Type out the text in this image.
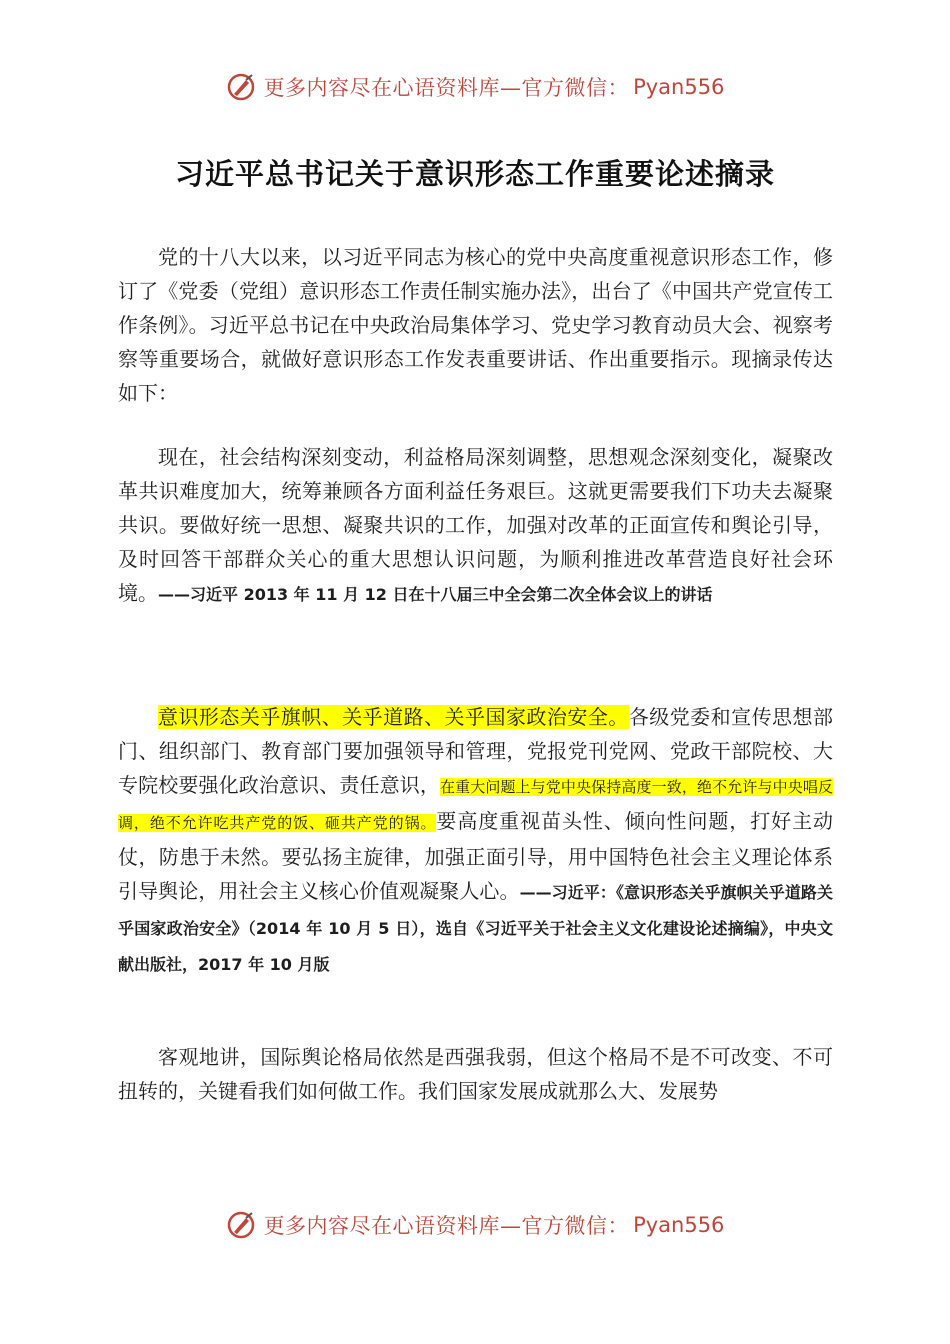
更多内容尽在心语资料库—官方微信： Pyan556
习近平总书记关于意识形态工作重要论述摘录

党的十八大以来，以习近平同志为核心的党中央高度重视意识形态工作，修订了《党委（党组）意识形态工作责任制实施办法》，出台了《中国共产党宣传工作条例》。习近平总书记在中央政治局集体学习、党史学习教育动员大会、视察考察等重要场合，就做好意识形态工作发表重要讲话、作出重要指示。现摘录传达如下：

现在，社会结构深刻变动，利益格局深刻调整，思想观念深刻变化，凝聚改革共识难度加大，统筹兼顾各方面利益任务艰巨。这就更需要我们下功夫去凝聚共识。要做好统一思想、凝聚共识的工作，加强对改革的正面宣传和舆论引导，及时回答干部群众关心的重大思想认识问题，为顺利推进改革营造良好社会环境。——习近平 2013 年 11 月 12 日在十八届三中全会第二次全体会议上的讲话

意识形态关乎旗帜、关乎道路、关乎国家政治安全。各级党委和宣传思想部门、组织部门、教育部门要加强领导和管理，党报党刊党网、党政干部院校、大专院校要强化政治意识、责任意识，在重大问题上与党中央保持高度一致，绝不允许与中央唱反调，绝不允许吃共产党的饭、砸共产党的锅。要高度重视苗头性、倾向性问题，打好主动仗，防患于未然。要弘扬主旋律，加强正面引导，用中国特色社会主义理论体系引导舆论，用社会主义核心价值观凝聚人心。——习近平：《意识形态关乎旗帜关乎道路关乎国家政治安全》（2014 年 10 月 5 日），选自《习近平关于社会主义文化建设论述摘编》，中央文献出版社，2017 年 10 月版

客观地讲，国际舆论格局依然是西强我弱，但这个格局不是不可改变、不可扭转的，关键看我们如何做工作。我们国家发展成就那么大、发展势

更多内容尽在心语资料库—官方微信： Pyan556
